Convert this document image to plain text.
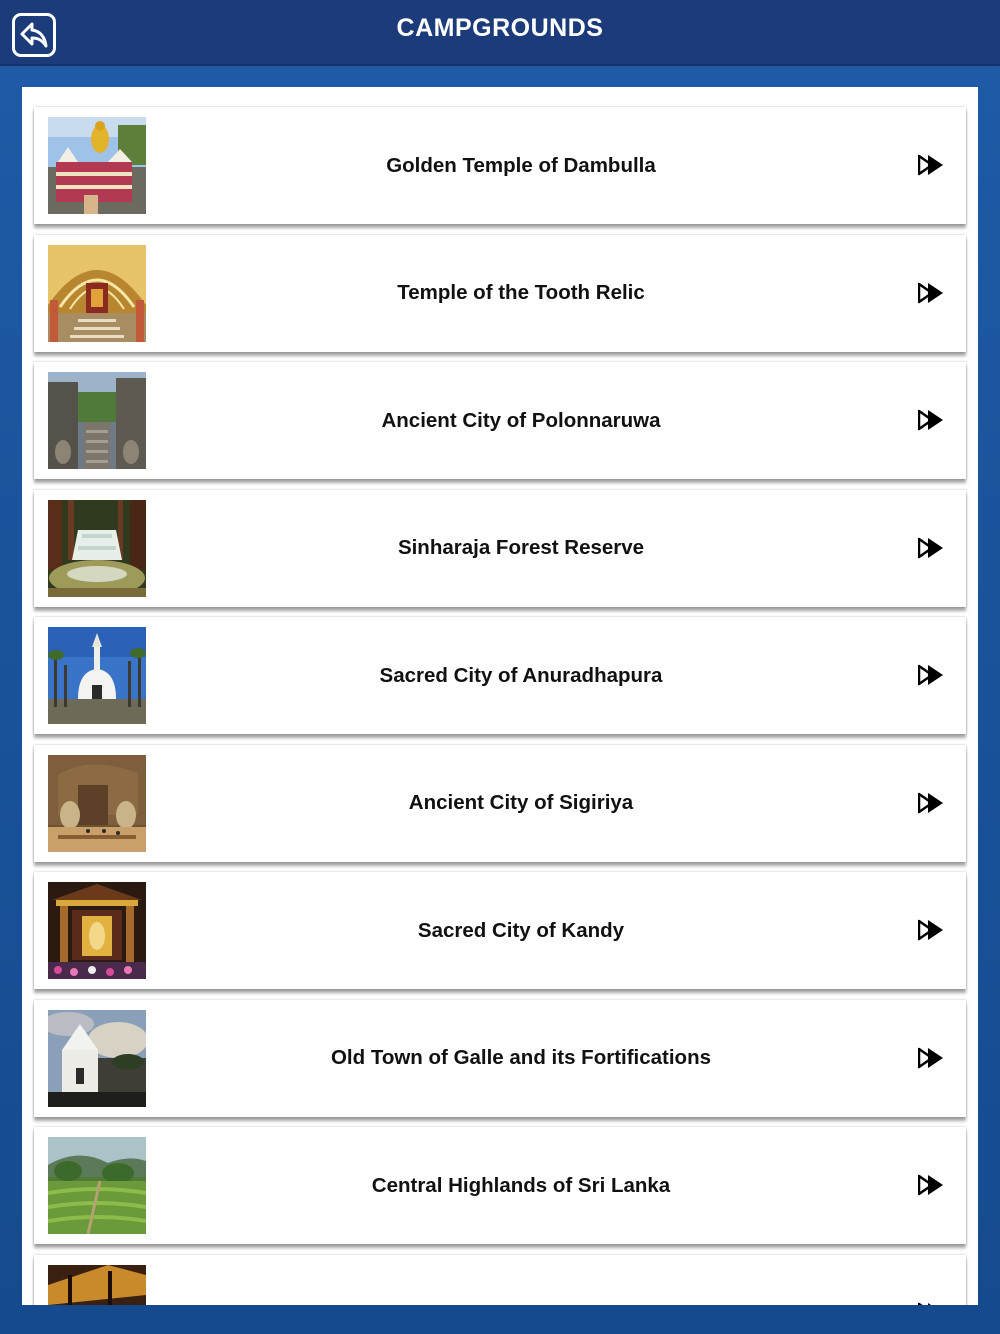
CAMPGROUNDS
Golden Temple of Dambulla
Temple of the Tooth Relic
Ancient City of Polonnaruwa
Sinharaja Forest Reserve
Sacred City of Anuradhapura
Ancient City of Sigiriya
Sacred City of Kandy
Old Town of Galle and its Fortifications
Central Highlands of Sri Lanka
